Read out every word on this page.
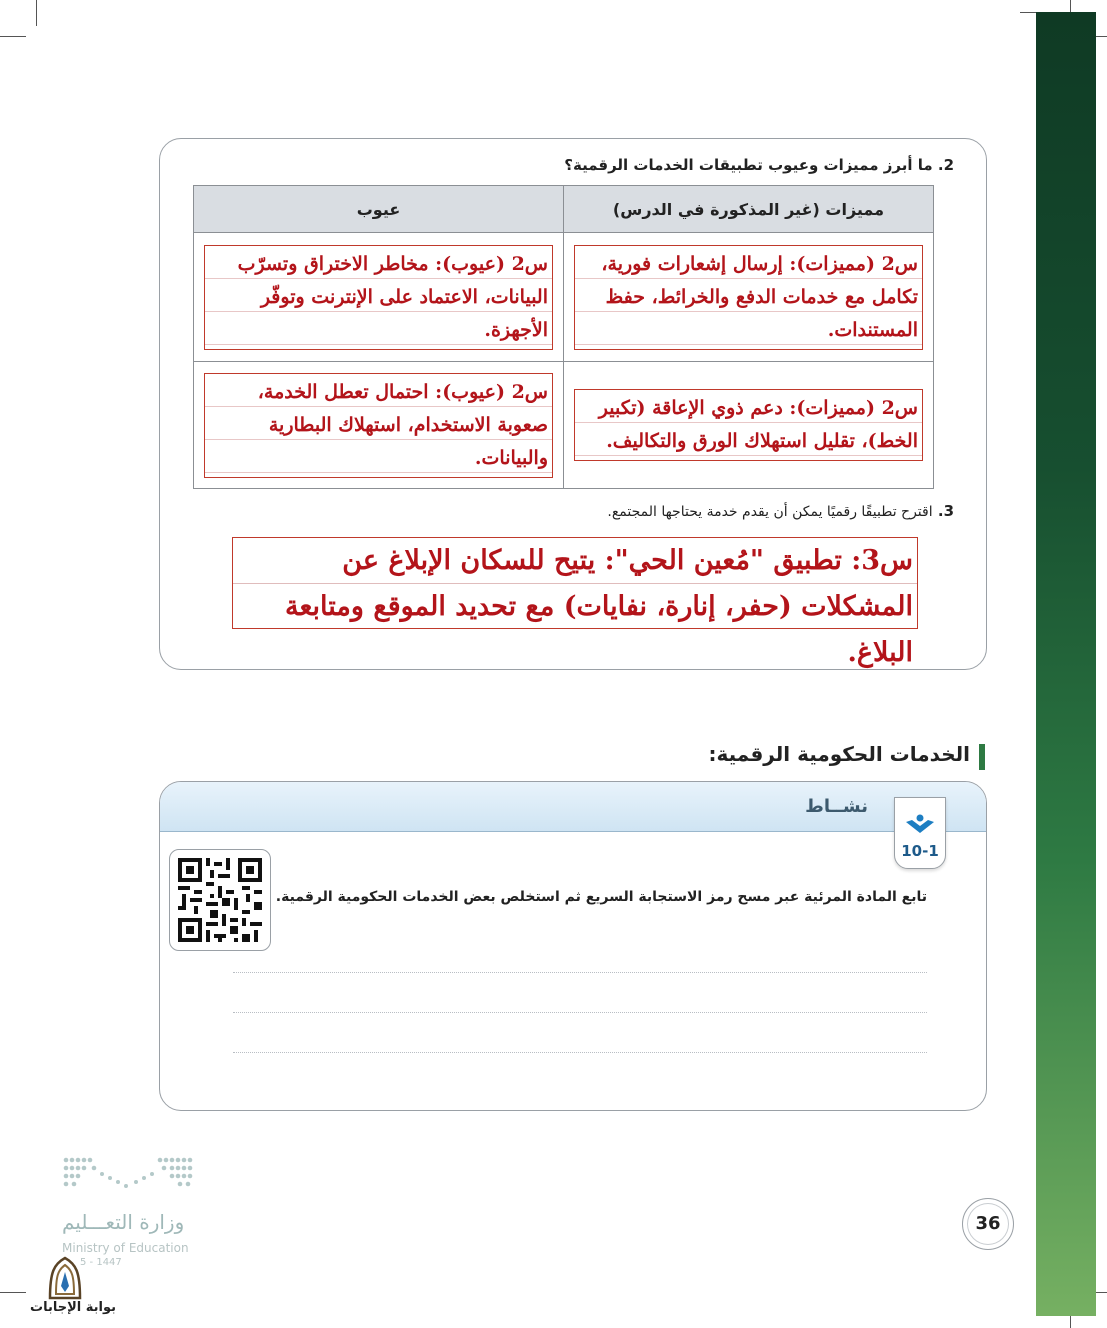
2. ما أبرز مميزات وعيوب تطبيقات الخدمات الرقمية؟
مميزات (غير المذكورة في الدرس)	عيوب

س2 (مميزات): إرسال إشعارات فورية، تكامل مع خدمات الدفع والخرائط، حفظ المستندات.	س2 (عيوب): مخاطر الاختراق وتسرّب البيانات، الاعتماد على الإنترنت وتوفّر الأجهزة.

س2 (مميزات): دعم ذوي الإعاقة (تكبير الخط)، تقليل استهلاك الورق والتكاليف.	س2 (عيوب): احتمال تعطل الخدمة، صعوبة الاستخدام، استهلاك البطارية والبيانات.
3. اقترح تطبيقًا رقميًا يمكن أن يقدم خدمة يحتاجها المجتمع.
س3: تطبيق "مُعين الحي": يتيح للسكان الإبلاغ عن المشكلات (حفر، إنارة، نفايات) مع تحديد الموقع ومتابعة البلاغ.
الخدمات الحكومية الرقمية:
نشــاط
10-1
تابع المادة المرئية عبر مسح رمز الاستجابة السريع ثم استخلص بعض الخدمات الحكومية الرقمية.
36
وزارة التعـــليم
Ministry of Education
5 - 1447
بوابة الإجابات
